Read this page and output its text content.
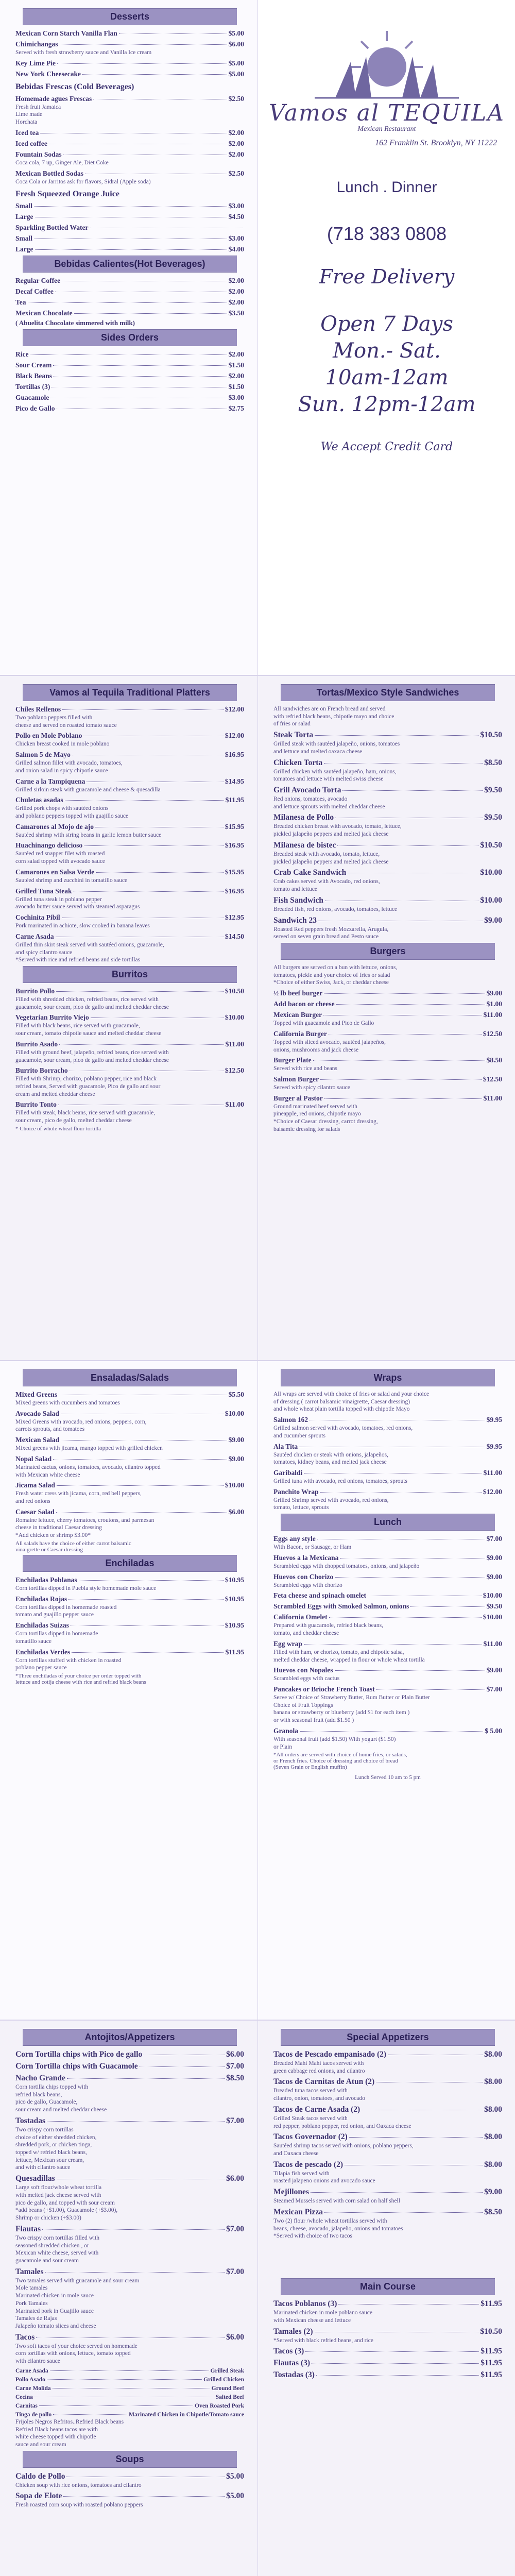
Desserts
Mexican Corn Starch Vanilla Flan	$5.00
Chimichangas	$6.00
Served with fresh strawberry sauce and Vanilla Ice cream
Key Lime Pie	$5.00
New York Cheesecake	$5.00
Bebidas Frescas (Cold Beverages)
Homemade agues Frescas	$2.50
Fresh fruit Jamaica
Lime made
Horchata
Iced tea	$2.00
Iced coffee	$2.00
Fountain Sodas	$2.00
Coca cola, 7 up, Ginger Ale, Diet Coke
Mexican Bottled Sodas	$2.50
Coca Cola or Jarritos ask for flavors, Sidral (Apple soda)
Fresh Squeezed Orange Juice
Small	$3.00
Large	$4.50
Sparkling Bottled Water
Small	$3.00
Large	$4.00
Bebidas Calientes(Hot Beverages)
Regular Coffee	$2.00
Decaf Coffee	$2.00
Tea	$2.00
Mexican Chocolate	$3.50
( Abuelita Chocolate simmered with milk)
Sides Orders
Rice	$2.00
Sour Cream	$1.50
Black Beans	$2.00
Tortillas (3)	$1.50
Guacamole	$3.00
Pico de Gallo	$2.75
Vamos al TEQUILA
Mexican Restaurant
162 Franklin St. Brooklyn, NY 11222
Lunch . Dinner
(718 383 0808
Free Delivery
Open 7 Days
Mon.- Sat.
10am-12am
Sun. 12pm-12am
We Accept Credit Card
Vamos al Tequila Traditional Platters
Chiles Rellenos	$12.00
Two poblano peppers filled with
cheese and served on roasted tomato sauce
Pollo en Mole Poblano	$12.00
Chicken breast cooked in mole poblano
Salmon 5 de Mayo	$16.95
Grilled salmon fillet with avocado, tomatoes,
and onion salad in spicy chipotle sauce
Carne a la Tampiquena	$14.95
Grilled sirloin steak with guacamole and cheese & quesadilla
Chuletas asadas	$11.95
Grilled pork chops with sautéed onions
and poblano peppers topped with guajillo sauce
Camarones al Mojo de ajo	$15.95
Sautéed shrimp with string beans in garlic lemon butter sauce
Huachinango delicioso	$16.95
Sautéed red snapper filet with roasted
corn salad topped with avocado sauce
Camarones en Salsa Verde	$15.95
Sautéed shrimp and zucchini in tomatillo sauce
Grilled Tuna Steak	$16.95
Grilled tuna steak in poblano pepper
avocado butter sauce served with steamed asparagus
Cochinita Pibil	$12.95
Pork marinated in achiote, slow cooked in banana leaves
Carne Asada	$14.50
Grilled thin skirt steak served with sautéed onions, guacamole,
and spicy cilantro sauce
*Served with rice and refried beans and side tortillas
Burritos
Burrito Pollo	$10.50
Filled with shredded chicken, refried beans, rice served with
guacamole, sour cream, pico de gallo and melted cheddar cheese
Vegetarian Burrito Viejo	$10.00
Filled with black beans, rice served with guacamole,
sour cream, tomato chipotle sauce and melted cheddar cheese
Burrito Asado	$11.00
Filled with ground beef, jalapeño, refried beans, rice served with
guacamole, sour cream, pico de gallo and melted cheddar cheese
Burrito Borracho	$12.50
Filled with Shrimp, chorizo, poblano pepper, rice and black
refried beans, Served with guacamole, Pico de gallo and sour
cream and melted cheddar cheese
Burrito Tonto	$11.00
Filled with steak, black beans, rice served with guacamole,
sour cream, pico de gallo, melted cheddar cheese
* Choice of whole wheat flour tortilla
Tortas/Mexico Style Sandwiches
All sandwiches are on French bread and served
with refried black beans, chipotle mayo and choice
of fries or salad
Steak Torta	$10.50
Grilled steak with sautéed jalapeño, onions, tomatoes
and lettuce and melted oaxaca cheese
Chicken Torta	$8.50
Grilled chicken with sautéed jalapeño, ham, onions,
tomatoes and lettuce with melted swiss cheese
Grill Avocado Torta	$9.50
Red onions, tomatoes, avocado
and lettuce sprouts with melted cheddar cheese
Milanesa de Pollo	$9.50
Breaded chicken breast with avocado, tomato, lettuce,
pickled jalapeño peppers and melted jack cheese
Milanesa de bistec	$10.50
Breaded steak with avocado, tomato, lettuce,
pickled jalapeño peppers and melted jack cheese
Crab Cake Sandwich	$10.00
Crab cakes served with Avocado, red onions,
tomato and lettuce
Fish Sandwich	$10.00
Breaded fish, red onions, avocado, tomatoes, lettuce
Sandwich 23	$9.00
Roasted Red peppers fresh Mozzarella, Arugula,
served on seven grain bread and Pesto sauce
Burgers
All burgers are served on a bun with lettuce, onions,
tomatoes, pickle and your choice of fries or salad
*Choice of either Swiss, Jack, or cheddar cheese
½ lb beef burger	$9.00
Add bacon or cheese	$1.00
Mexican Burger	$11.00
Topped with guacamole and Pico de Gallo
California Burger	$12.50
Topped with sliced avocado, sautéed jalapeños,
onions, mushrooms and jack cheese
Burger Plate	$8.50
Served with rice and beans
Salmon Burger	$12.50
Served with spicy cilantro sauce
Burger al Pastor	$11.00
Ground marinated beef served with
pineapple, red onions, chipotle mayo
*Choice of Caesar dressing, carrot dressing,
balsamic dressing for salads
Ensaladas/Salads
Mixed Greens	$5.50
Mixed greens with cucumbers and tomatoes
Avocado Salad	$10.00
Mixed Greens with avocado, red onions, peppers, corn,
carrots sprouts, and tomatoes
Mexican Salad	$9.00
Mixed greens with jicama, mango topped with grilled chicken
Nopal Salad	$9.00
Marinated cactus, onions, tomatoes, avocado, cilantro topped
with Mexican white cheese
Jicama Salad	$10.00
Fresh water cress with jicama, corn, red bell peppers,
and red onions
Caesar Salad	$6.00
Romaine lettuce, cherry tomatoes, croutons, and parmesan
cheese in traditional Caesar dressing
*Add chicken or shrimp $3.00*
All salads have the choice of either carrot balsamic
vinaigrette or Caesar dressing
Enchiladas
Enchiladas Poblanas	$10.95
Corn tortillas dipped in Puebla style homemade mole sauce
Enchiladas Rojas	$10.95
Corn tortillas dipped in homemade roasted
tomato and guajillo pepper sauce
Enchiladas Suizas	$10.95
Corn tortillas dipped in homemade
tomatillo sauce
Enchiladas Verdes	$11.95
Corn tortillas stuffed with chicken in roasted
poblano pepper sauce
*Three enchiladas of your choice per order topped with
lettuce and cotija cheese with rice and refried black beans
Wraps
All wraps are served with choice of fries or salad and your choice
of dressing ( carrot balsamic vinaigrette, Caesar dressing)
and whole wheat plain tortilla topped with chipotle Mayo
Salmon 162	$9.95
Grilled salmon served with avocado, tomatoes, red onions,
and cucumber sprouts
Ala Tita	$9.95
Sautéed chicken or steak with onions, jalapeños,
tomatoes, kidney beans, and melted jack cheese
Garibaldi	$11.00
Grilled tuna with avocado, red onions, tomatoes, sprouts
Panchito Wrap	$12.00
Grilled Shrimp served with avocado, red onions,
tomato, lettuce, sprouts
Lunch
Eggs any style	$7.00
With Bacon, or Sausage, or Ham
Huevos a la Mexicana	$9.00
Scrambled eggs with chopped tomatoes, onions, and jalapeño
Huevos con Chorizo	$9.00
Scrambled eggs with chorizo
Feta cheese and spinach omelet	$10.00
Scrambled Eggs with Smoked Salmon, onions	$9.50
California Omelet	$10.00
Prepared with guacamole, refried black beans,
tomato, and cheddar cheese
Egg wrap	$11.00
Filled with ham, or chorizo, tomato, and chipotle salsa,
melted cheddar cheese, wrapped in flour or whole wheat tortilla
Huevos con Nopales	$9.00
Scrambled eggs with cactus
Pancakes or Brioche French Toast	$7.00
Serve w/ Choice of Strawberry Butter, Rum Butter or Plain Butter
Choice of Fruit Toppings
banana or strawberry or blueberry (add $1 for each item )
or with seasonal fruit (add $1.50 )
Granola	$ 5.00
With seasonal fruit (add $1.50) With yogurt ($1.50)
or Plain
*All orders are served with choice of home fries, or salads,
or French fries. Choice of dressing and choice of bread
(Seven Grain or English muffin)
Lunch Served 10 am to 5 pm
Antojitos/Appetizers
Corn Tortilla chips with Pico de gallo	$6.00
Corn Tortilla chips with Guacamole	$7.00
Nacho Grande	$8.50
Corn tortilla chips topped with
refried black beans,
pico de gallo, Guacamole,
sour cream and melted cheddar cheese
Tostadas	$7.00
Two crispy corn tortillas
choice of either shredded chicken,
shredded pork, or chicken tinga,
topped w/ refried black beans,
lettuce, Mexican sour cream,
and with cilantro sauce
Quesadillas	$6.00
Large soft flour/whole wheat tortilla
with melted jack cheese served with
pico de gallo, and topped with sour cream
*add beans (+$1.00), Guacamole (+$3.00),
Shrimp or chicken (+$3.00)
Flautas	$7.00
Two crispy corn tortillas filled with
seasoned shredded chicken , or
Mexican white cheese, served with
guacamole and sour cream
Tamales	$7.00
Two tamales served with guacamole and sour cream
Mole tamales
Marinated chicken in mole sauce
Pork Tamales
Marinated pork in Guajillo sauce
Tamales de Rajas
Jalapeño tomato slices and cheese
Tacos	$6.00
Two soft tacos of your choice served on homemade
corn tortillas with onions, lettuce, tomato topped
with cilantro sauce
Carne Asada	Grilled Steak
Pollo Asado	Grilled Chicken
Carne Molida	Ground Beef
Cecina	Salted Beef
Carnitas	Oven Roasted Pork
Tinga de pollo	Marinated Chicken in Chipotle/Tomato sauce
Frijoles Negros Refritos..Refried Black beans
Refried Black beans tacos are with
white cheese topped with chipotle
sauce and sour cream
Soups
Caldo de Pollo	$5.00
Chicken soup with rice onions, tomatoes and cilantro
Sopa de Elote	$5.00
Fresh roasted corn soup with roasted poblano peppers
Special Appetizers
Tacos de Pescado empanisado (2)	$8.00
Breaded Mahi Mahi tacos served with
green cabbage red onions, and cilantro
Tacos de Carnitas de Atun (2)	$8.00
Breaded tuna tacos served with
cilantro, onion, tomatoes, and avocado
Tacos de Carne Asada (2)	$8.00
Grilled Steak tacos served with
red pepper, poblano pepper, red onion, and Oaxaca cheese
Tacos Governador (2)	$8.00
Sautéed shrimp tacos served with onions, poblano peppers,
and Oaxaca cheese
Tacos de pescado (2)	$8.00
Tilapia fish served with
roasted jalapeno onions and avocado sauce
Mejillones	$9.00
Steamed Mussels served with corn salad on half shell
Mexican Pizza	$8.50
Two (2) flour /whole wheat tortillas served with
beans, cheese, avocado, jalapeño, onions and tomatoes
*Served with choice of two tacos
Main Course
Tacos Poblanos (3)	$11.95
Marinated chicken in mole poblano sauce
with Mexican cheese and lettuce
Tamales (2)	$10.50
*Served with black refried beans, and rice
Tacos (3)	$11.95
Flautas (3)	$11.95
Tostadas (3)	$11.95
